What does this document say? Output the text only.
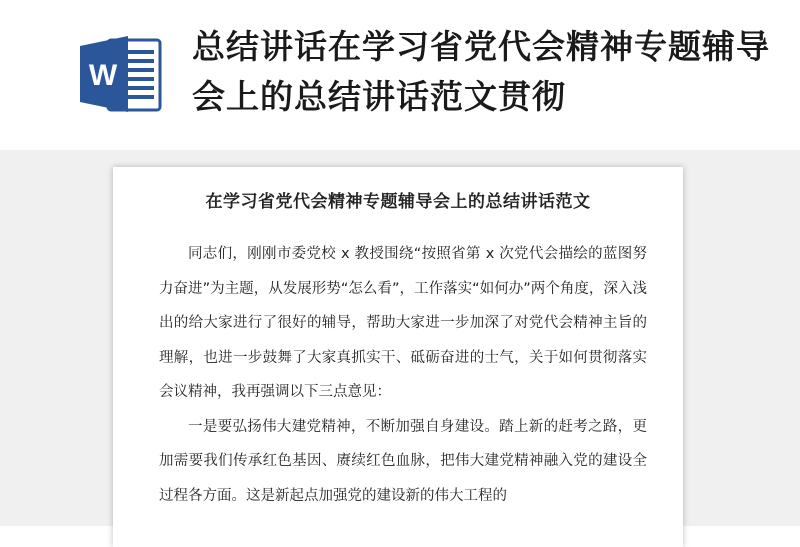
W
总结讲话在学习省党代会精神专题辅导会上的总结讲话范文贯彻
在学习省党代会精神专题辅导会上的总结讲话范文

同志们，刚刚市委党校 x 教授围绕“按照省第 x 次党代会描绘的蓝图努力奋进”为主题，从发展形势“怎么看”，工作落实“如何办”两个角度，深入浅出的给大家进行了很好的辅导，帮助大家进一步加深了对党代会精神主旨的理解，也进一步鼓舞了大家真抓实干、砥砺奋进的士气，关于如何贯彻落实会议精神，我再强调以下三点意见：

一是要弘扬伟大建党精神，不断加强自身建设。踏上新的赶考之路，更加需要我们传承红色基因、赓续红色血脉，把伟大建党精神融入党的建设全过程各方面。这是新起点加强党的建设新的伟大工程的
